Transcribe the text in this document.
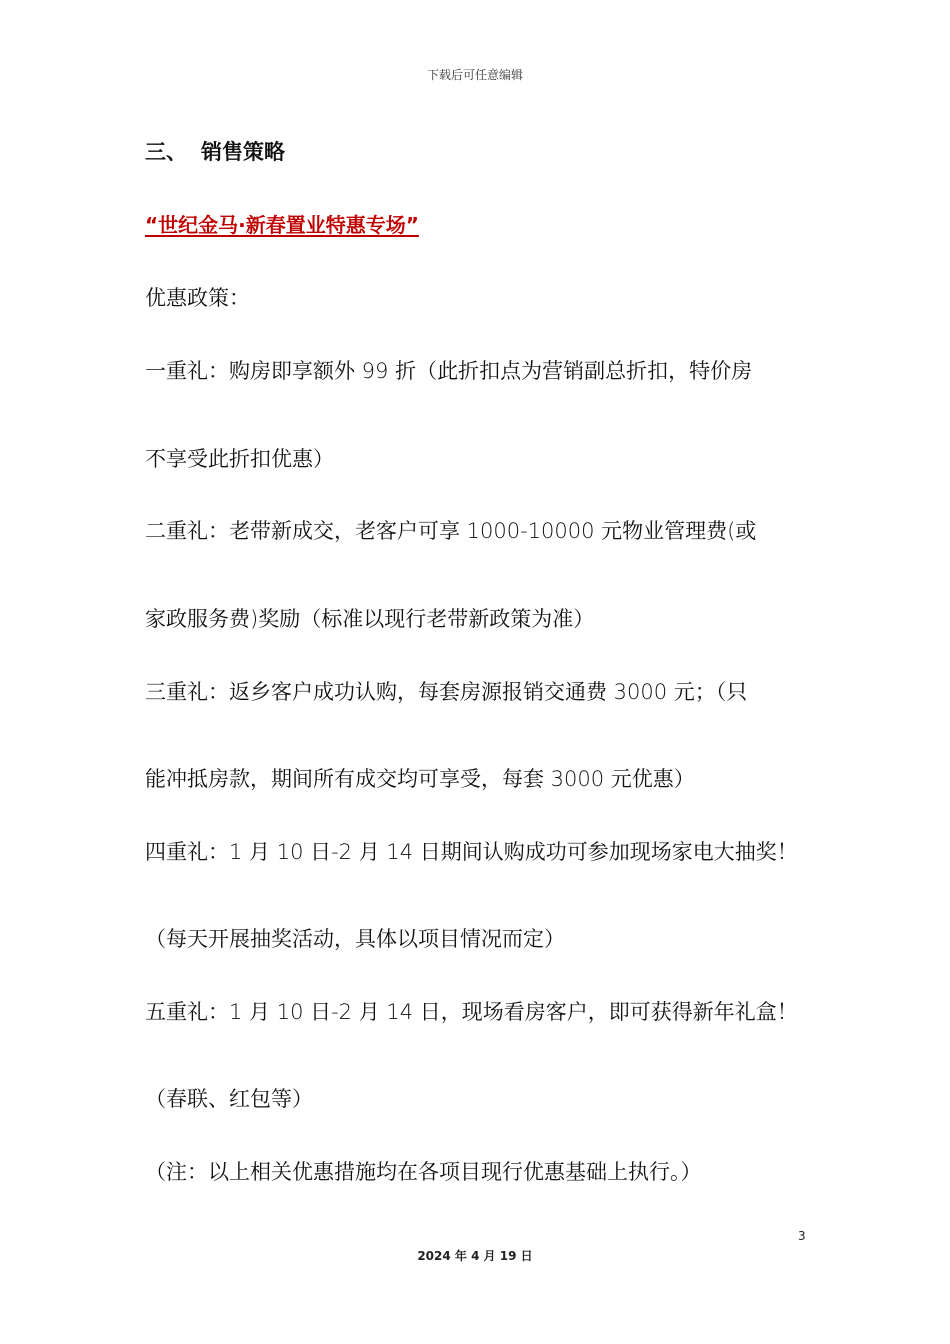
下载后可任意编辑
三、 销售策略
“世纪金马·新春置业特惠专场”
优惠政策：
一重礼：购房即享额外 99 折（此折扣点为营销副总折扣，特价房
不享受此折扣优惠）
二重礼：老带新成交，老客户可享 1000-10000 元物业管理费(或
家政服务费)奖励（标准以现行老带新政策为准）
三重礼：返乡客户成功认购，每套房源报销交通费 3000 元；（只
能冲抵房款，期间所有成交均可享受，每套 3000 元优惠）
四重礼：1 月 10 日-2 月 14 日期间认购成功可参加现场家电大抽奖！
（每天开展抽奖活动，具体以项目情况而定）
五重礼：1 月 10 日-2 月 14 日，现场看房客户，即可获得新年礼盒！
（春联、红包等）
（注：以上相关优惠措施均在各项目现行优惠基础上执行。）
3
2024 年 4 月 19 日
